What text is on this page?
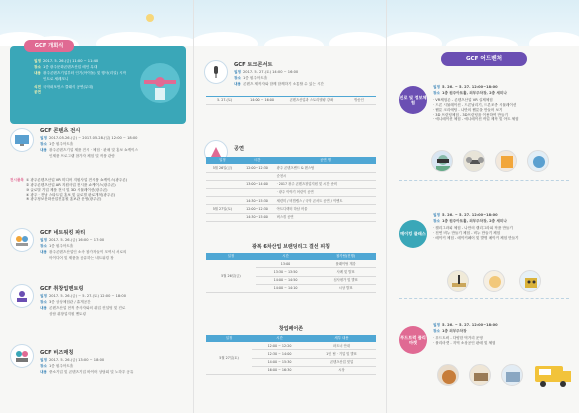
GCF 개회식
일정 2017. 5. 26.(금) 11:00 ~ 11:40
장소 1층 광주문화콘텐츠산업 메인 무대
내용 광주콘텐츠기업부터 인기(아이돌) 및 행사(리얼) 시작
인트로 세레모니
식전공연
국악퍼포먼스 클래식 공연(무대)
GCF 콘텐츠 전시
일정 2017.05.26.(금) ~ 2017.05.28.(일) 12:00 ~ 18:00
장소 1층 원주아트홀
내용 광주콘텐츠기업 제품 전시 · 체험 · 판매 및 홍보 쇼케이스
인제품 프로그램 참가자 체험 및 작품 관람
전시품목 ① 광주콘텐츠산업 VR 미디어 지원사업 전시품 쇼케이스(광주콘)
② 광주콘텐츠산업 AR 지원사업 전시품 쇼케이스(광주콘)
③ 글로벌 기업 제품 전시 및 3D 시뮬레이션(광주콘)
④ 광주 · 전남 스타트업 홍보 및 글로벌 판로개척(광주콘)
⑤ 광주정보문화산업진흥원 홍보관 운영(광주콘)
GCF 네트워킹 파티
일정 2017. 5. 26.(금) 16:00 ~ 17:00
장소 1층 원주아트홀
내용 광주콘텐츠산업인 소속 참가자들이 모여서 서로의
아이디어 및 제품을 공유하는 네트워킹 장
GCF 취창업멘토링
일정 2017. 5. 26.(금) ~ 5. 27.(토) 12:00 ~ 18:00
장소 3층 상상체험관 / 휴게공간
내용 콘텐츠산업 현직 종사자와의 취업 컨설팅 및 진로
상담 취창업지원 멘토링
GCF 비즈매칭
일정 2017. 5. 26.(금) 13:00 ~ 18:00
장소 1층 원주아트홀
내용 중소기업 및 콘텐츠기업 바이어 상담회 및 노하우 공유
GCF 토크콘서트
일정 2017. 5. 27.(토) 14:00 ~ 16:00
장소 1층 원주아트홀
내용 콘텐츠 제작자와 함께 함께하기 소통할 수 있는 시간
5. 27.(토)	14:00 ~ 16:00	콘텐츠산업과 스토리텔링 강좌	방송인
공연
일정	시간	공연 명
5월 26일(금)	12:00~12:30	광주 콘텐츠밴드 & 댄스팀
		순천시
	13:00~14:00	· 2017 광주 콘텐츠창업지원 및 시간 준비
		· 광주 이야기 어린이 공연
	14:30~15:30	세련미 / 비빔랩스 / 국악 콘서트 공연 / 이벤트
5월 27일(토)	12:00~12:30	아트디렉터 하남 어울
	14:30~15:00	버스킹 공연
광복 6차산업 브랜딩리그 결선 피칭
일정	시간	참가팀(진행)
5월 26일(금)	13:00	플래이팅 개강
	13:30 ~ 13:50	사례 및 발표
	14:00 ~ 14:50	심사평가 및 발표
	14:00 ~ 14:10	시상 발표
창업페어존
일정	시간	세부 내용
5월 27일(토)	12:00 ~ 12:20	파트너 안내
	12:30 ~ 14:00	1인 팀 · 기업 및 발표
	14:00 ~ 15:30	콘텐츠산업 밋업
	16:00 ~ 16:30	시상
GCF 어드벤처
진로 및 정보체험
일정 5. 26. ~ 5. 27. 12:00~18:00
장소 1층 원주아트홀, 외부주차장, 2층 세미나
· VR체험존 - 콘텐츠산업 VR 실제체험
· 드론 시뮬레이션 - 드론날리기, 드론조종 시뮬레이션
· 웹툰 크리에팅 - 나만의 웹툰을 만들어 보기
· 3D 프린팅체험 - 3D프린팅을 이용하여 만들기
· 애니메이션 체험 - 애니메이션 작업 제작 및 아트 체험
메이킹 클래스
일정 5. 26. ~ 5. 27. 12:00~18:00
장소 1층 원주아트홀, 외부주차장, 2층 세미나
· 캘리그라피 체험 - 나만의 캘리그라피 작품 만들기
· 천연 비누 만들기 체험 - 비누 만들기 체험
· 메이커 체험 - 메이커페어 및 발명 메이커 체험 만들기
푸드트럭 플리마켓
일정 5. 26. ~ 5. 27. 12:00~18:00
장소 1층 외부주차장
· 푸드트럭 - 다양한 먹거리 운영
· 플리마켓 - 지역 소상공인 판매 및 체험
